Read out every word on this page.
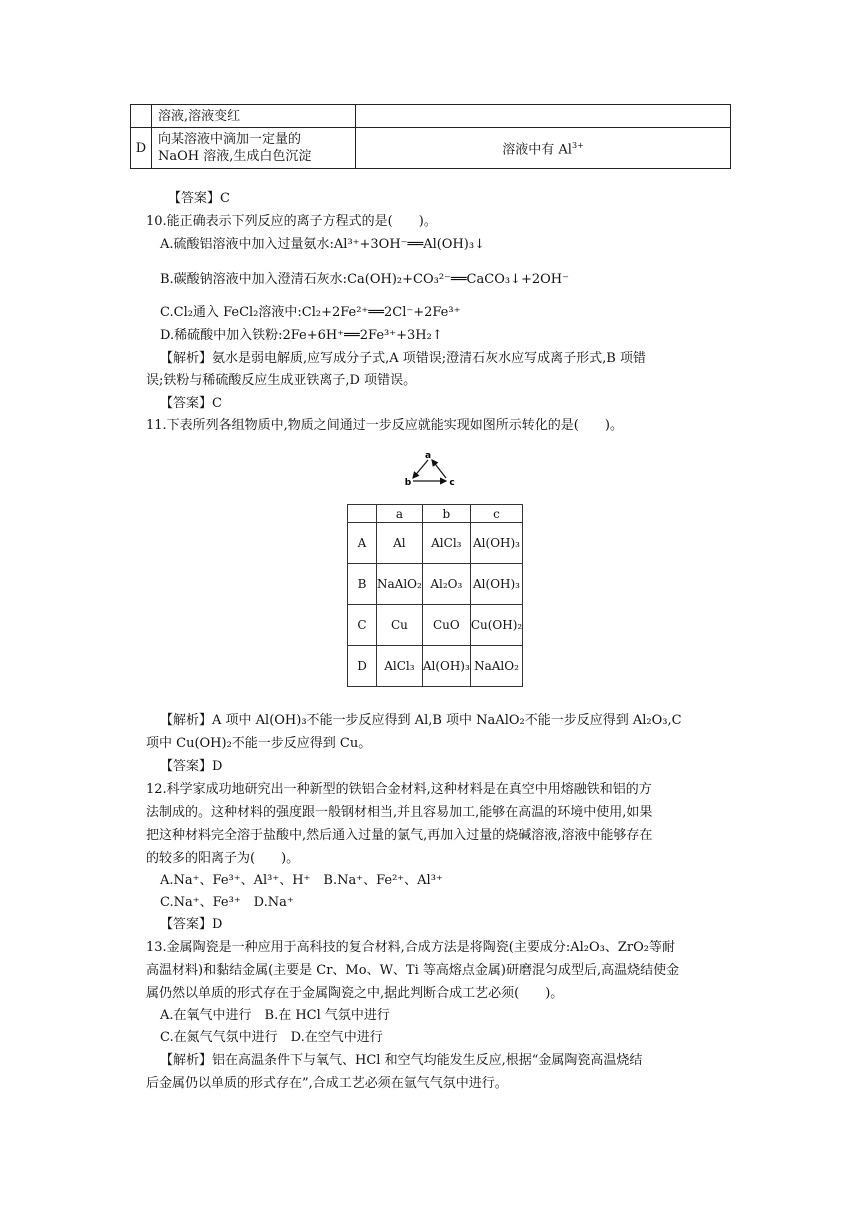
	溶液,溶液变红	
D	向某溶液中滴加一定量的
NaOH 溶液,生成白色沉淀	溶液中有 $Al^{3+}$
【答案】C
10.能正确表示下列反应的离子方程式的是(　　)。
A.硫酸铝溶液中加入过量氨水:Al³⁺+3OH⁻══Al(OH)₃↓
B.碳酸钠溶液中加入澄清石灰水:Ca(OH)₂+CO₃²⁻══CaCO₃↓+2OH⁻
C.Cl₂通入 FeCl₂溶液中:Cl₂+2Fe²⁺══2Cl⁻+2Fe³⁺
D.稀硫酸中加入铁粉:2Fe+6H⁺══2Fe³⁺+3H₂↑
【解析】氨水是弱电解质,应写成分子式,A 项错误;澄清石灰水应写成离子形式,B 项错
误;铁粉与稀硫酸反应生成亚铁离子,D 项错误。
【答案】C
11.下表所列各组物质中,物质之间通过一步反应就能实现如图所示转化的是(　　)。
a
b	c
	a	b	c
A	Al	AlCl₃	Al(OH)₃
B	NaAlO₂	Al₂O₃	Al(OH)₃
C	Cu	CuO	Cu(OH)₂
D	AlCl₃	Al(OH)₃	NaAlO₂
【解析】A 项中 Al(OH)₃不能一步反应得到 Al,B 项中 NaAlO₂不能一步反应得到 Al₂O₃,C
项中 Cu(OH)₂不能一步反应得到 Cu。
【答案】D
12.科学家成功地研究出一种新型的铁铝合金材料,这种材料是在真空中用熔融铁和铝的方
法制成的。这种材料的强度跟一般钢材相当,并且容易加工,能够在高温的环境中使用,如果
把这种材料完全溶于盐酸中,然后通入过量的氯气,再加入过量的烧碱溶液,溶液中能够存在
的较多的阳离子为(　　)。
A.Na⁺、Fe³⁺、Al³⁺、H⁺　B.Na⁺、Fe²⁺、Al³⁺
C.Na⁺、Fe³⁺　D.Na⁺
【答案】D
13.金属陶瓷是一种应用于高科技的复合材料,合成方法是将陶瓷(主要成分:Al₂O₃、ZrO₂等耐
高温材料)和黏结金属(主要是 Cr、Mo、W、Ti 等高熔点金属)研磨混匀成型后,高温烧结使金
属仍然以单质的形式存在于金属陶瓷之中,据此判断合成工艺必须(　　)。
A.在氧气中进行　B.在 HCl 气氛中进行
C.在氮气气氛中进行　D.在空气中进行
【解析】铝在高温条件下与氧气、HCl 和空气均能发生反应,根据“金属陶瓷高温烧结
后金属仍以单质的形式存在”,合成工艺必须在氩气气氛中进行。
